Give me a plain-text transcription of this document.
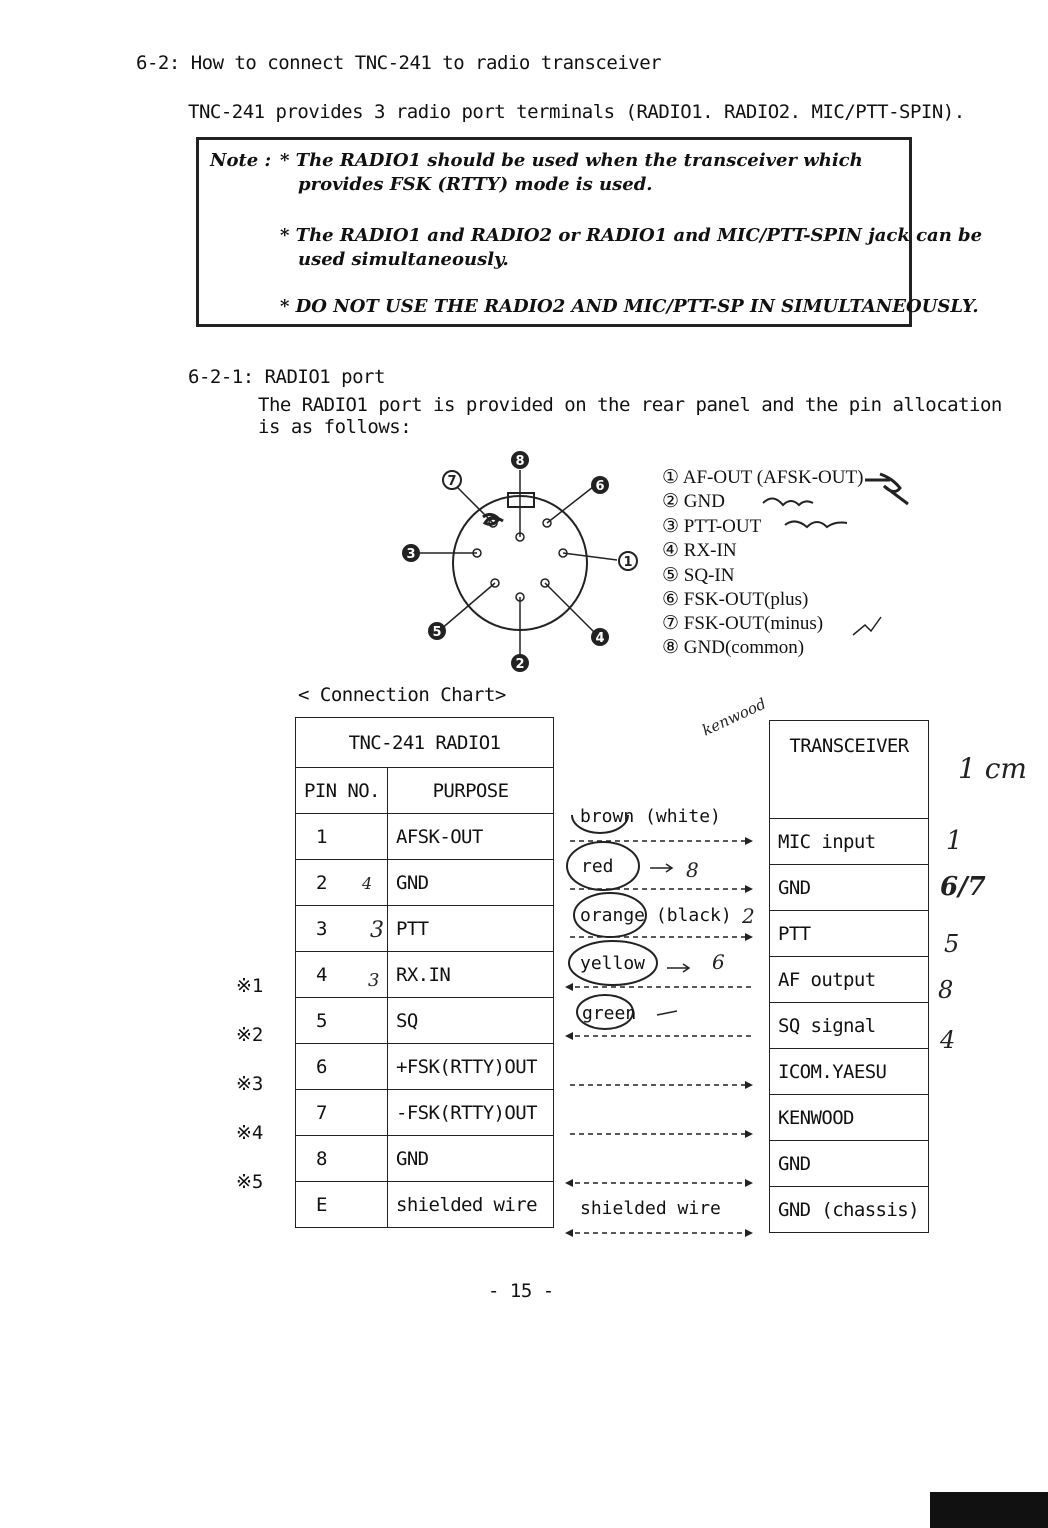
6-2: How to connect TNC-241 to radio transceiver
TNC-241 provides 3 radio port terminals (RADIO1. RADIO2. MIC/PTT-SPIN).
Note : * The RADIO1 should be used when the transceiver which
provides FSK (RTTY) mode is used.
* The RADIO1 and RADIO2 or RADIO1 and MIC/PTT-SPIN jack can be
used simultaneously.
* DO NOT USE THE RADIO2 AND MIC/PTT-SP IN SIMULTANEOUSLY.
6-2-1: RADIO1 port
The RADIO1 port is provided on the rear panel and the pin allocation
is as follows:
8
6
7
3
1
5	4
2
① AF-OUT (AFSK-OUT)
② GND
③ PTT-OUT
④ RX-IN
⑤ SQ-IN
⑥ FSK-OUT(plus)
⑦ FSK-OUT(minus)
⑧ GND(common)
< Connection Chart>
TNC-241 RADIO1	
PIN NO.	PURPOSE
1	AFSK-OUT
2	GND
3	PTT
4	RX.IN
5	SQ
6	+FSK(RTTY)OUT
7	-FSK(RTTY)OUT
8	GND
E	shielded wire
TRANSCEIVER
MIC input
GND
PTT
AF output
SQ signal
ICOM.YAESU
KENWOOD
GND
GND (chassis)
※1
※2
※3
※4
※5
brown (white)
red
orange (black)
yellow
green
shielded wire
8
2
6
4
3
3
kenwood
1 cm
1
6/7
5
8
4
- 15 -
